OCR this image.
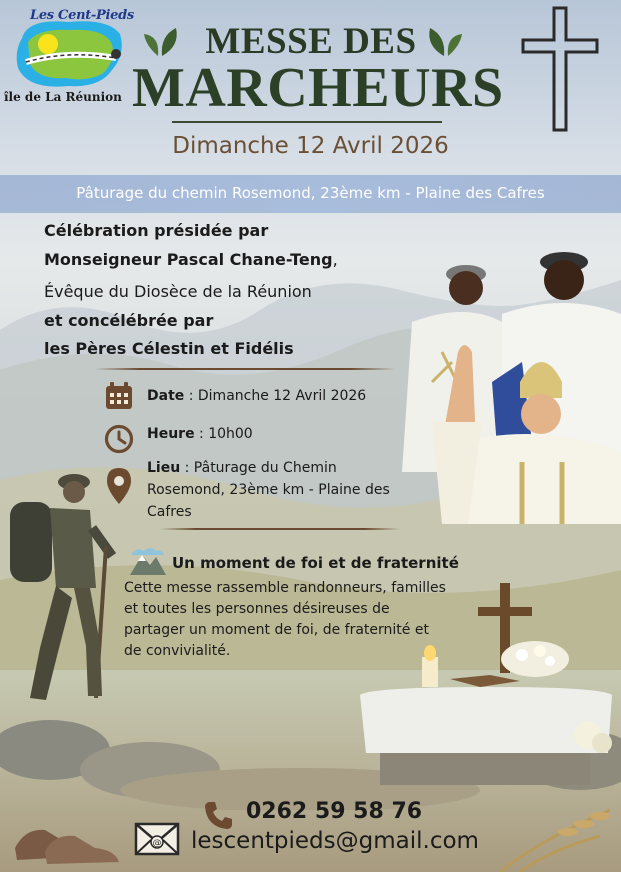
Les Cent-Pieds
île de La Réunion
MESSE DES
MARCHEURS
Dimanche 12 Avril 2026
Pâturage du chemin Rosemond, 23ème km - Plaine des Cafres
Célébration présidée par
Monseigneur Pascal Chane-Teng,
Évêque du Diosèce de la Réunion
et concélébrée par
les Pères Célestin et Fidélis
Date : Dimanche 12 Avril 2026
Heure : 10h00
Lieu : Pâturage du Chemin
Rosemond, 23ème km - Plaine des
Cafres
Un moment de foi et de fraternité
Cette messe rassemble randonneurs, familles
et toutes les personnes désireuses de
partager un moment de foi, de fraternité et
de convivialité.
0262 59 58 76
@ lescentpieds@gmail.com
